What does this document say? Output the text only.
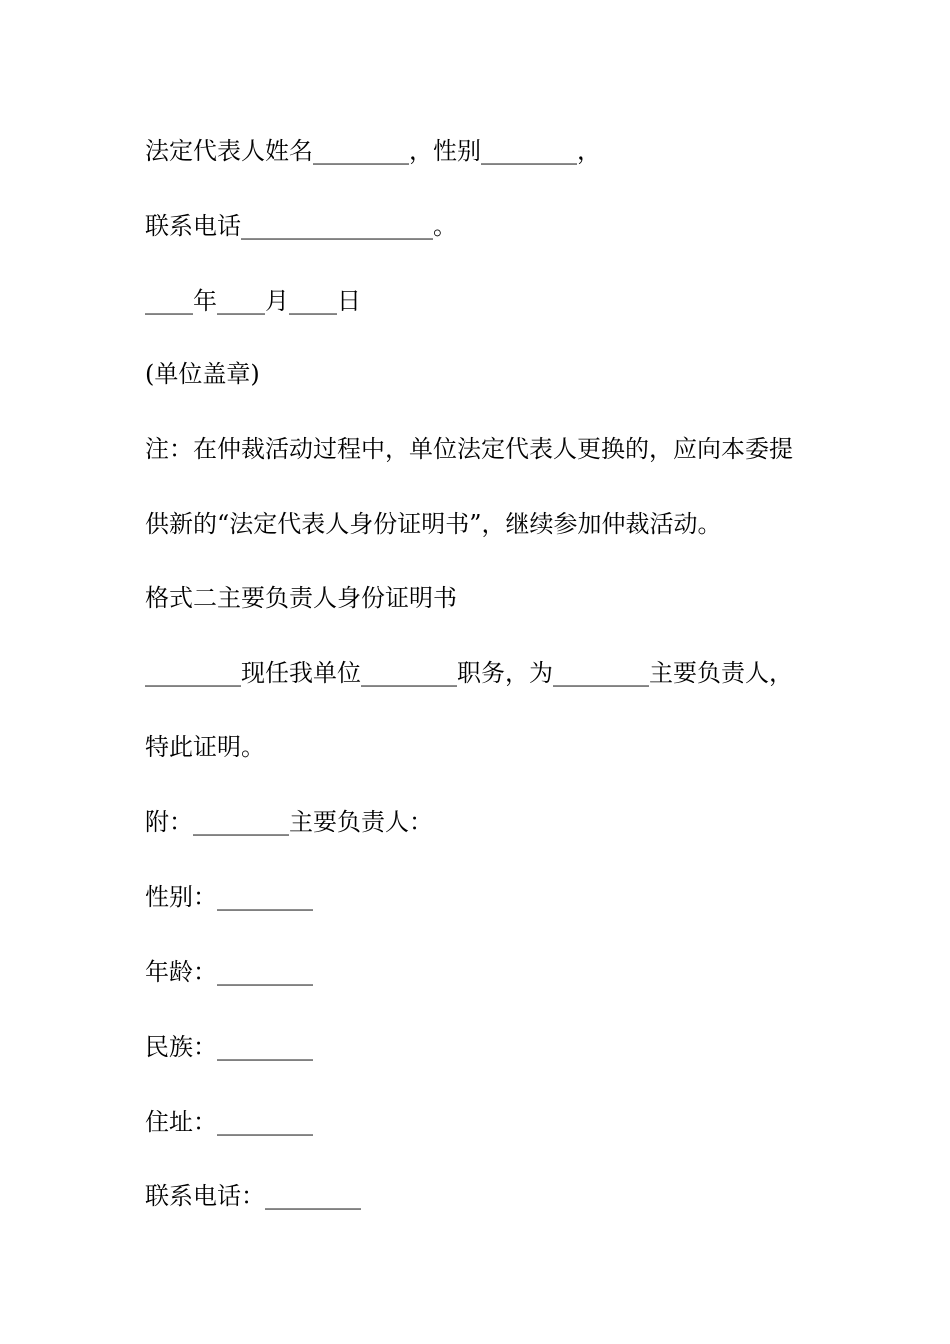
法定代表人姓名________，性别________，
联系电话________________。
____年____月____日
(单位盖章)
注：在仲裁活动过程中，单位法定代表人更换的，应向本委提
供新的“法定代表人身份证明书”，继续参加仲裁活动。
格式二主要负责人身份证明书
________现任我单位________职务，为________主要负责人，
特此证明。
附：________主要负责人：
性别：________
年龄：________
民族：________
住址：________
联系电话：________
